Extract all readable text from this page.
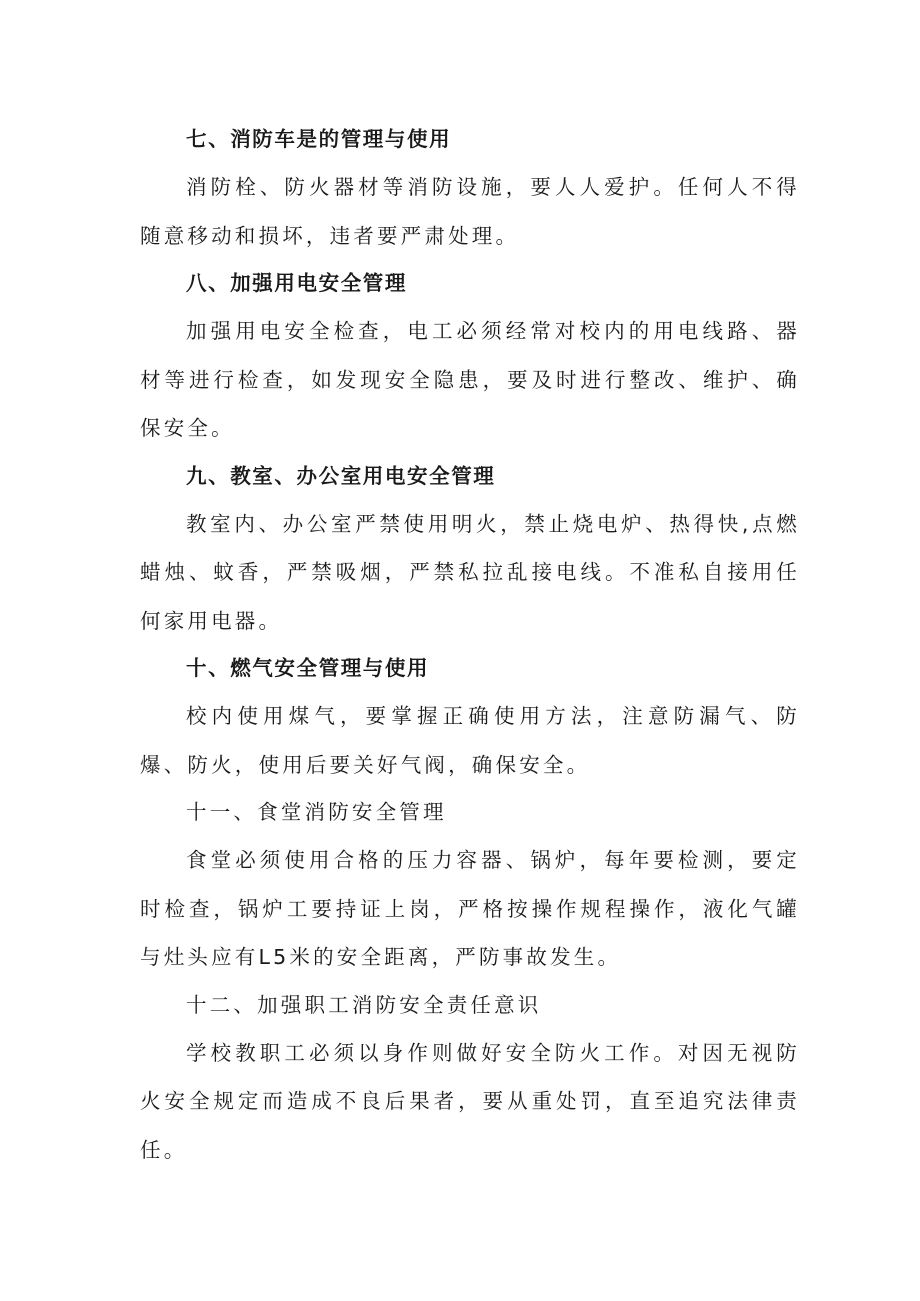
七、消防车是的管理与使用

消防栓、防火器材等消防设施，要人人爱护。任何人不得随意移动和损坏，违者要严肃处理。

八、加强用电安全管理

加强用电安全检查，电工必须经常对校内的用电线路、器材等进行检查，如发现安全隐患，要及时进行整改、维护、确保安全。

九、教室、办公室用电安全管理

教室内、办公室严禁使用明火，禁止烧电炉、热得快,点燃蜡烛、蚊香，严禁吸烟，严禁私拉乱接电线。不准私自接用任何家用电器。

十、燃气安全管理与使用

校内使用煤气，要掌握正确使用方法，注意防漏气、防爆、防火，使用后要关好气阀，确保安全。

十一、食堂消防安全管理

食堂必须使用合格的压力容器、锅炉，每年要检测，要定时检查，锅炉工要持证上岗，严格按操作规程操作，液化气罐与灶头应有L5米的安全距离，严防事故发生。

十二、加强职工消防安全责任意识

学校教职工必须以身作则做好安全防火工作。对因无视防火安全规定而造成不良后果者，要从重处罚，直至追究法律责任。
